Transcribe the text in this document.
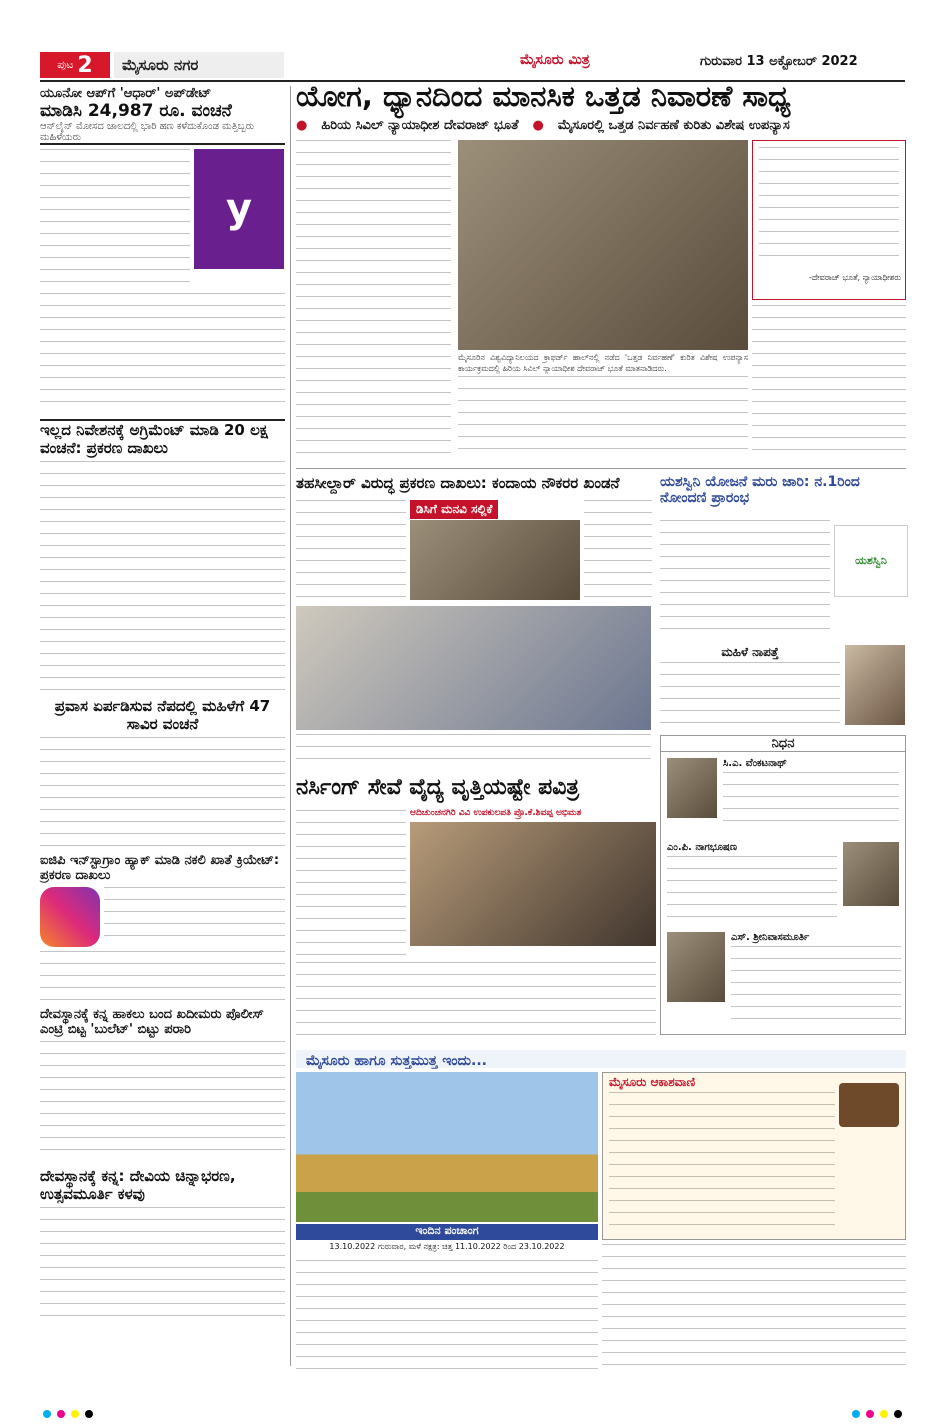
ಪುಟ 2	ಮೈಸೂರು ನಗರ	ಮೈಸೂರು ಮಿತ್ರ	ಗುರುವಾರ 13 ಅಕ್ಟೋಬರ್ 2022
ಯೂನೋ ಆಪ್‌ಗೆ 'ಆಧಾರ್' ಅಪ್‌ಡೇಟ್
ಮಾಡಿಸಿ 24,987 ರೂ. ವಂಚನೆ
ಆನ್‌ಲೈನ್ ಮೋಸದ ಜಾಲದಲ್ಲಿ ಭಾರಿ ಹಣ ಕಳೆದುಕೊಂಡ ಮತ್ತಿಬ್ಬರು ಮಹಿಳೆಯರು
y
ಇಲ್ಲದ ನಿವೇಶನಕ್ಕೆ ಅಗ್ರಿಮೆಂಟ್ ಮಾಡಿ 20 ಲಕ್ಷ ವಂಚನೆ: ಪ್ರಕರಣ ದಾಖಲು
ಪ್ರವಾಸ ಏರ್ಪಡಿಸುವ ನೆಪದಲ್ಲಿ ಮಹಿಳೆಗೆ 47 ಸಾವಿರ ವಂಚನೆ
ಐಜಿಪಿ ಇನ್‌ಸ್ಟಾಗ್ರಾಂ ಹ್ಯಾಕ್ ಮಾಡಿ ನಕಲಿ ಖಾತೆ ಕ್ರಿಯೇಟ್: ಪ್ರಕರಣ ದಾಖಲು
ದೇವಸ್ಥಾನಕ್ಕೆ ಕನ್ನ ಹಾಕಲು ಬಂದ ಖದೀಮರು ಪೊಲೀಸ್ ಎಂಟ್ರಿ ಬಿಟ್ಟ 'ಬುಲೆಟ್' ಬಿಟ್ಟು ಪರಾರಿ
ದೇವಸ್ಥಾನಕ್ಕೆ ಕನ್ನ: ದೇವಿಯ ಚಿನ್ನಾಭರಣ, ಉತ್ಸವಮೂರ್ತಿ ಕಳವು
ಯೋಗ, ಧ್ಯಾನದಿಂದ ಮಾನಸಿಕ ಒತ್ತಡ ನಿವಾರಣೆ ಸಾಧ್ಯ
● ಹಿರಿಯ ಸಿವಿಲ್ ನ್ಯಾಯಾಧೀಶ ದೇವರಾಜ್ ಭೂತೆ ● ಮೈಸೂರಲ್ಲಿ ಒತ್ತಡ ನಿರ್ವಹಣೆ ಕುರಿತು ವಿಶೇಷ ಉಪನ್ಯಾಸ
ಮೈಸೂರಿನ ವಿಶ್ವವಿದ್ಯಾನಿಲಯದ ಕ್ರಾಫರ್ಡ್ ಹಾಲ್‌ನಲ್ಲಿ ನಡೆದ 'ಒತ್ತಡ ನಿರ್ವಹಣೆ' ಕುರಿತ ವಿಶೇಷ ಉಪನ್ಯಾಸ ಕಾರ್ಯಕ್ರಮದಲ್ಲಿ ಹಿರಿಯ ಸಿವಿಲ್ ನ್ಯಾಯಾಧೀಶ ದೇವರಾಜ್ ಭೂತೆ ಮಾತನಾಡಿದರು.
-ದೇವರಾಜ್ ಭೂತೆ, ನ್ಯಾಯಾಧೀಶರು
ತಹಸೀಲ್ದಾರ್ ವಿರುದ್ಧ ಪ್ರಕರಣ ದಾಖಲು: ಕಂದಾಯ ನೌಕರರ ಖಂಡನೆ
ಡಿಸಿಗೆ ಮನವಿ ಸಲ್ಲಿಕೆ
ಯಶಸ್ವಿನಿ ಯೋಜನೆ ಮರು ಜಾರಿ: ನ.1ರಿಂದ ನೋಂದಣಿ ಪ್ರಾರಂಭ
ಯಶಸ್ವಿನಿ
ಮಹಿಳೆ ನಾಪತ್ತೆ
ನಿಧನ
ಸಿ.ಎ. ವೆಂಕಟನಾಥ್
ಎಂ.ಪಿ. ನಾಗಭೂಷಣ
ಎಸ್. ಶ್ರೀನಿವಾಸಮೂರ್ತಿ
ನರ್ಸಿಂಗ್ ಸೇವೆ ವೈದ್ಯ ವೃತ್ತಿಯಷ್ಟೇ ಪವಿತ್ರ
ಆದಿಚುಂಚನಗಿರಿ ವಿವಿ ಉಪಕುಲಪತಿ ಪ್ರೊ.ಕೆ.ಶಿವಪ್ಪ ಅಭಿಮತ
ಮೈಸೂರು ಹಾಗೂ ಸುತ್ತಮುತ್ತ ಇಂದು...
ಇಂದಿನ ಪಂಚಾಂಗ
13.10.2022 ಗುರುವಾರ, ಮಳೆ ನಕ್ಷತ್ರ: ಚಿತ್ತ 11.10.2022 ರಿಂದ 23.10.2022
ಮೈಸೂರು ಆಕಾಶವಾಣಿ
